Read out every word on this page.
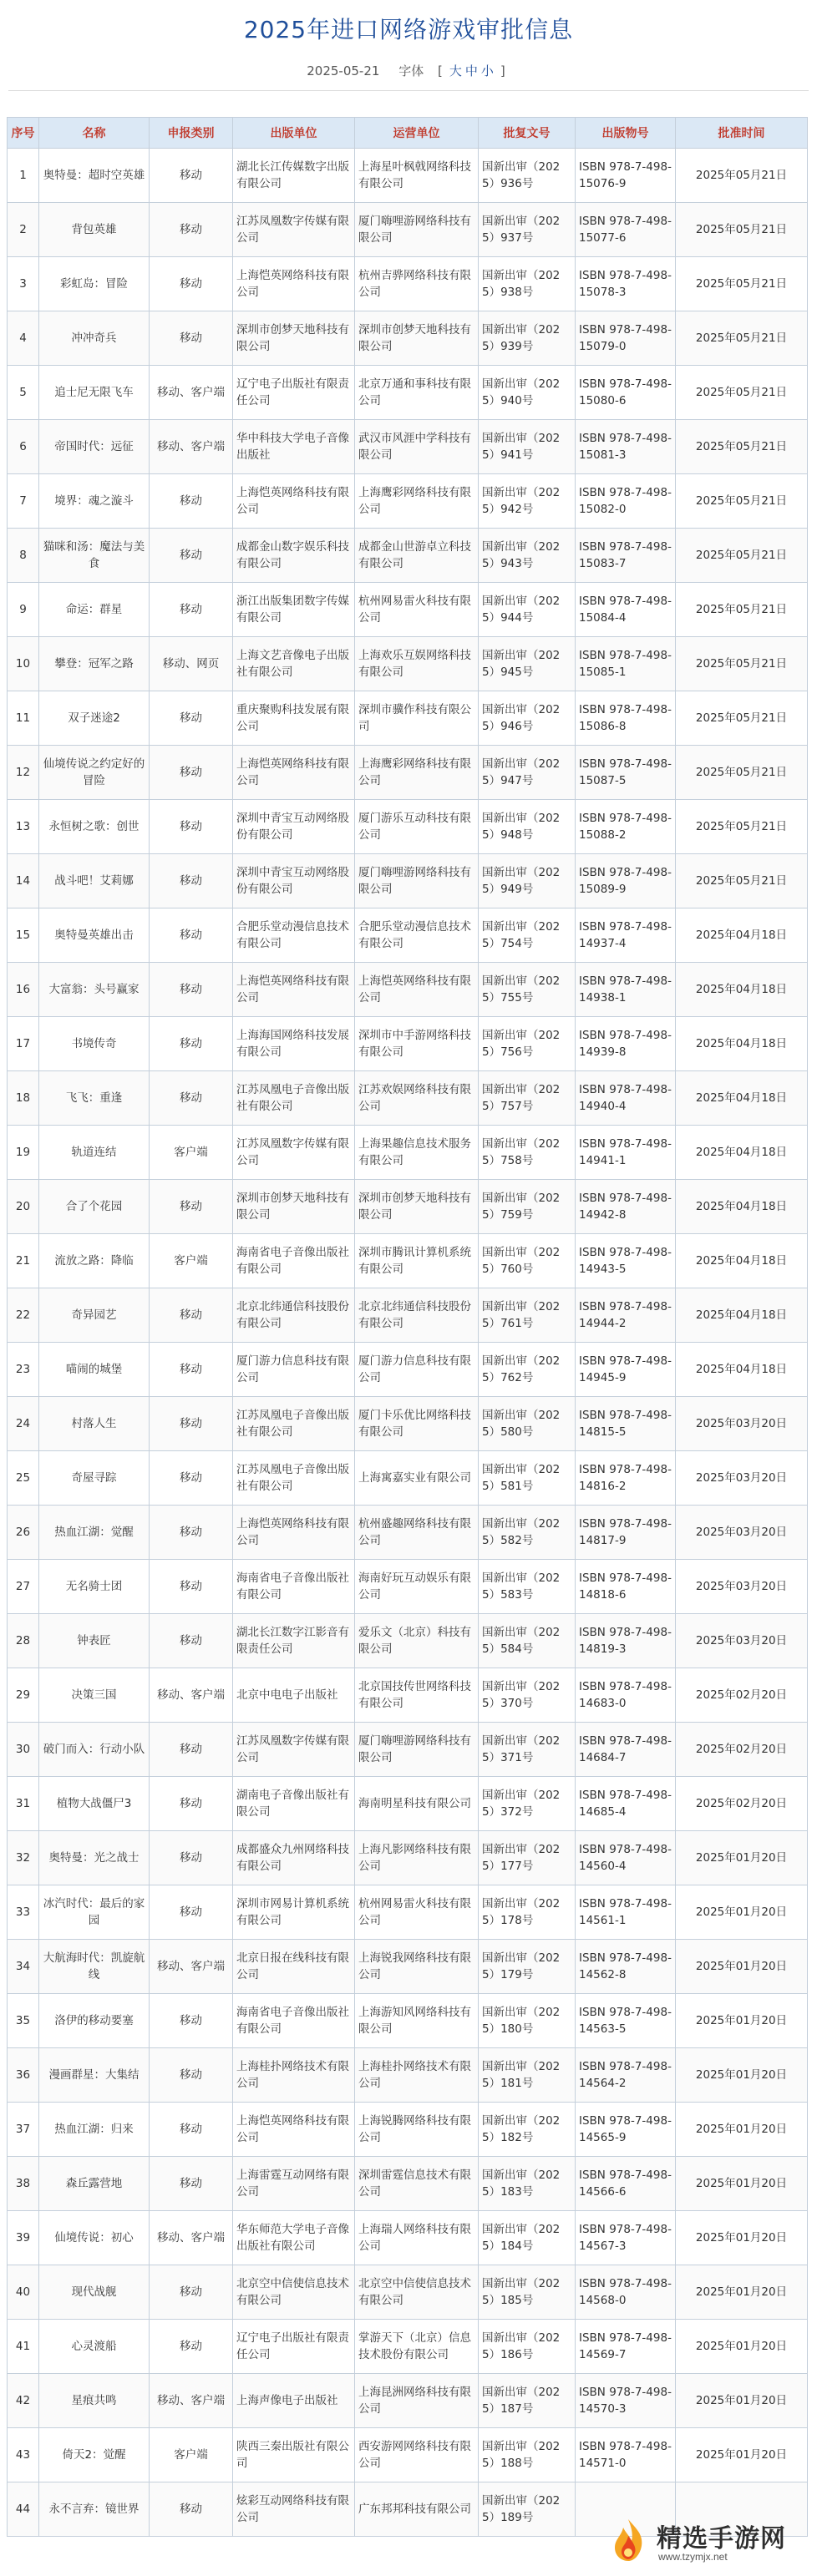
2025年进口网络游戏审批信息
2025-05-21 字体 [ 大 中 小 ]
序号	名称	申报类别	出版单位	运营单位	批复文号	出版物号	批准时间
1	奥特曼：超时空英雄	移动	湖北长江传媒数字出版有限公司	上海星叶枫戟网络科技有限公司	国新出审（2025）936号	ISBN 978-7-498-15076-9	2025年05月21日
2	背包英雄	移动	江苏凤凰数字传媒有限公司	厦门嗨哩游网络科技有限公司	国新出审（2025）937号	ISBN 978-7-498-15077-6	2025年05月21日
3	彩虹岛：冒险	移动	上海恺英网络科技有限公司	杭州吉骅网络科技有限公司	国新出审（2025）938号	ISBN 978-7-498-15078-3	2025年05月21日
4	冲冲奇兵	移动	深圳市创梦天地科技有限公司	深圳市创梦天地科技有限公司	国新出审（2025）939号	ISBN 978-7-498-15079-0	2025年05月21日
5	追士尼无限飞车	移动、客户端	辽宁电子出版社有限责任公司	北京万通和事科技有限公司	国新出审（2025）940号	ISBN 978-7-498-15080-6	2025年05月21日
6	帝国时代：远征	移动、客户端	华中科技大学电子音像出版社	武汉市风涯中学科技有限公司	国新出审（2025）941号	ISBN 978-7-498-15081-3	2025年05月21日
7	境界：魂之漩斗	移动	上海恺英网络科技有限公司	上海鹰彩网络科技有限公司	国新出审（2025）942号	ISBN 978-7-498-15082-0	2025年05月21日
8	猫咪和汤：魔法与美食	移动	成都金山数字娱乐科技有限公司	成都金山世游卓立科技有限公司	国新出审（2025）943号	ISBN 978-7-498-15083-7	2025年05月21日
9	命运：群星	移动	浙江出版集团数字传媒有限公司	杭州网易雷火科技有限公司	国新出审（2025）944号	ISBN 978-7-498-15084-4	2025年05月21日
10	攀登：冠军之路	移动、网页	上海文艺音像电子出版社有限公司	上海欢乐互娱网络科技有限公司	国新出审（2025）945号	ISBN 978-7-498-15085-1	2025年05月21日
11	双子迷途2	移动	重庆聚购科技发展有限公司	深圳市骥作科技有限公司	国新出审（2025）946号	ISBN 978-7-498-15086-8	2025年05月21日
12	仙境传说之约定好的冒险	移动	上海恺英网络科技有限公司	上海鹰彩网络科技有限公司	国新出审（2025）947号	ISBN 978-7-498-15087-5	2025年05月21日
13	永恒树之歌：创世	移动	深圳中青宝互动网络股份有限公司	厦门游乐互动科技有限公司	国新出审（2025）948号	ISBN 978-7-498-15088-2	2025年05月21日
14	战斗吧！艾莉娜	移动	深圳中青宝互动网络股份有限公司	厦门嗨哩游网络科技有限公司	国新出审（2025）949号	ISBN 978-7-498-15089-9	2025年05月21日
15	奥特曼英雄出击	移动	合肥乐堂动漫信息技术有限公司	合肥乐堂动漫信息技术有限公司	国新出审（2025）754号	ISBN 978-7-498-14937-4	2025年04月18日
16	大富翁：头号赢家	移动	上海恺英网络科技有限公司	上海恺英网络科技有限公司	国新出审（2025）755号	ISBN 978-7-498-14938-1	2025年04月18日
17	书境传奇	移动	上海海国网络科技发展有限公司	深圳市中手游网络科技有限公司	国新出审（2025）756号	ISBN 978-7-498-14939-8	2025年04月18日
18	飞飞：重逢	移动	江苏凤凰电子音像出版社有限公司	江苏欢娱网络科技有限公司	国新出审（2025）757号	ISBN 978-7-498-14940-4	2025年04月18日
19	轨道连结	客户端	江苏凤凰数字传媒有限公司	上海果趣信息技术服务有限公司	国新出审（2025）758号	ISBN 978-7-498-14941-1	2025年04月18日
20	合了个花园	移动	深圳市创梦天地科技有限公司	深圳市创梦天地科技有限公司	国新出审（2025）759号	ISBN 978-7-498-14942-8	2025年04月18日
21	流放之路：降临	客户端	海南省电子音像出版社有限公司	深圳市腾讯计算机系统有限公司	国新出审（2025）760号	ISBN 978-7-498-14943-5	2025年04月18日
22	奇异园艺	移动	北京北纬通信科技股份有限公司	北京北纬通信科技股份有限公司	国新出审（2025）761号	ISBN 978-7-498-14944-2	2025年04月18日
23	喵闹的城堡	移动	厦门游力信息科技有限公司	厦门游力信息科技有限公司	国新出审（2025）762号	ISBN 978-7-498-14945-9	2025年04月18日
24	村落人生	移动	江苏凤凰电子音像出版社有限公司	厦门卡乐优比网络科技有限公司	国新出审（2025）580号	ISBN 978-7-498-14815-5	2025年03月20日
25	奇屋寻踪	移动	江苏凤凰电子音像出版社有限公司	上海寓嘉实业有限公司	国新出审（2025）581号	ISBN 978-7-498-14816-2	2025年03月20日
26	热血江湖：觉醒	移动	上海恺英网络科技有限公司	杭州盛趣网络科技有限公司	国新出审（2025）582号	ISBN 978-7-498-14817-9	2025年03月20日
27	无名骑士团	移动	海南省电子音像出版社有限公司	海南好玩互动娱乐有限公司	国新出审（2025）583号	ISBN 978-7-498-14818-6	2025年03月20日
28	钟表匠	移动	湖北长江数字江影音有限责任公司	爱乐文（北京）科技有限公司	国新出审（2025）584号	ISBN 978-7-498-14819-3	2025年03月20日
29	决策三国	移动、客户端	北京中电电子出版社	北京国技传世网络科技有限公司	国新出审（2025）370号	ISBN 978-7-498-14683-0	2025年02月20日
30	破门而入：行动小队	移动	江苏凤凰数字传媒有限公司	厦门嗨哩游网络科技有限公司	国新出审（2025）371号	ISBN 978-7-498-14684-7	2025年02月20日
31	植物大战僵尸3	移动	湖南电子音像出版社有限公司	海南明星科技有限公司	国新出审（2025）372号	ISBN 978-7-498-14685-4	2025年02月20日
32	奥特曼：光之战士	移动	成都盛众九州网络科技有限公司	上海凡影网络科技有限公司	国新出审（2025）177号	ISBN 978-7-498-14560-4	2025年01月20日
33	冰汽时代：最后的家园	移动	深圳市网易计算机系统有限公司	杭州网易雷火科技有限公司	国新出审（2025）178号	ISBN 978-7-498-14561-1	2025年01月20日
34	大航海时代：凯旋航线	移动、客户端	北京日报在线科技有限公司	上海锐我网络科技有限公司	国新出审（2025）179号	ISBN 978-7-498-14562-8	2025年01月20日
35	洛伊的移动要塞	移动	海南省电子音像出版社有限公司	上海游知风网络科技有限公司	国新出审（2025）180号	ISBN 978-7-498-14563-5	2025年01月20日
36	漫画群星：大集结	移动	上海桂扑网络技术有限公司	上海桂扑网络技术有限公司	国新出审（2025）181号	ISBN 978-7-498-14564-2	2025年01月20日
37	热血江湖：归来	移动	上海恺英网络科技有限公司	上海锐腾网络科技有限公司	国新出审（2025）182号	ISBN 978-7-498-14565-9	2025年01月20日
38	森丘露营地	移动	上海雷霆互动网络有限公司	深圳雷霆信息技术有限公司	国新出审（2025）183号	ISBN 978-7-498-14566-6	2025年01月20日
39	仙境传说：初心	移动、客户端	华东师范大学电子音像出版社有限公司	上海瑞人网络科技有限公司	国新出审（2025）184号	ISBN 978-7-498-14567-3	2025年01月20日
40	现代战舰	移动	北京空中信使信息技术有限公司	北京空中信使信息技术有限公司	国新出审（2025）185号	ISBN 978-7-498-14568-0	2025年01月20日
41	心灵渡船	移动	辽宁电子出版社有限责任公司	掌游天下（北京）信息技术股份有限公司	国新出审（2025）186号	ISBN 978-7-498-14569-7	2025年01月20日
42	星痕共鸣	移动、客户端	上海声像电子出版社	上海昆洲网络科技有限公司	国新出审（2025）187号	ISBN 978-7-498-14570-3	2025年01月20日
43	倚天2：觉醒	客户端	陕西三秦出版社有限公司	西安游网网络科技有限公司	国新出审（2025）188号	ISBN 978-7-498-14571-0	2025年01月20日
44	永不言弃：镜世界	移动	炫彩互动网络科技有限公司	广东邦邦科技有限公司	国新出审（2025）189号		
精选手游网
www.tzymjx.net
